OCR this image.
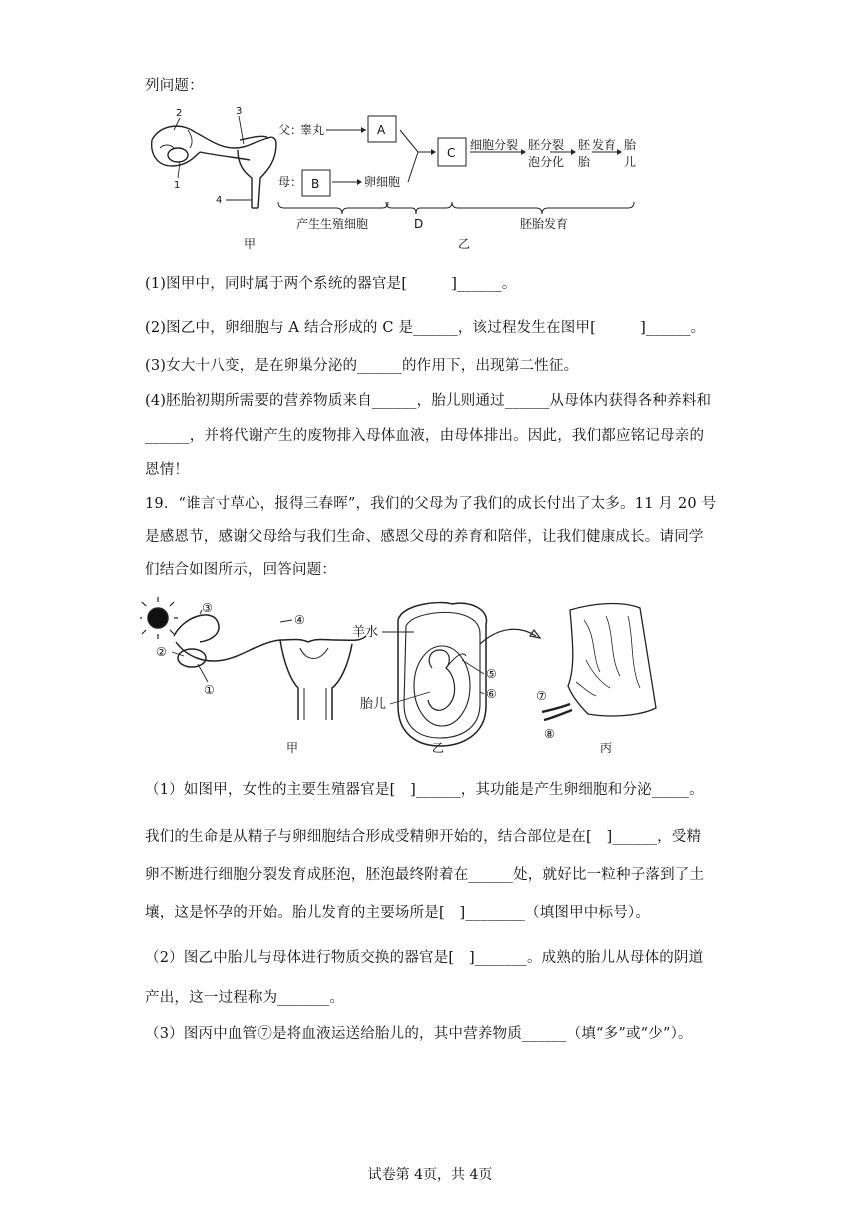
列问题：
2	3
1
4
父：
睾丸	A
母： B	卵细胞
C
细胞分裂 胚分裂
泡分化
胚
胎
发育 胎
儿
产生生殖细胞	D	胚胎发育
甲	乙
(1)图甲中，同时属于两个系统的器官是[　　　]______。
(2)图乙中，卵细胞与 A 结合形成的 C 是______，该过程发生在图甲[　　　]______。
(3)女大十八变，是在卵巢分泌的______的作用下，出现第二性征。
(4)胚胎初期所需要的营养物质来自______，胎儿则通过______从母体内获得各种养料和
______，并将代谢产生的废物排入母体血液，由母体排出。因此，我们都应铭记母亲的
恩情！
19．“谁言寸草心，报得三春晖”，我们的父母为了我们的成长付出了太多。11 月 20 号
是感恩节，感谢父母给与我们生命、感恩父母的养育和陪伴，让我们健康成长。请同学
们结合如图所示，回答问题：
③
②
①
④
甲
羊水
胎儿
⑤
⑥
乙
⑦
⑧
丙
（1）如图甲，女性的主要生殖器官是[　]______，其功能是产生卵细胞和分泌_____。
我们的生命是从精子与卵细胞结合形成受精卵开始的，结合部位是在[　]______，受精
卵不断进行细胞分裂发育成胚泡，胚泡最终附着在______处，就好比一粒种子落到了土
壤，这是怀孕的开始。胎儿发育的主要场所是[　]________（填图甲中标号）。
（2）图乙中胎儿与母体进行物质交换的器官是[　]_______。成熟的胎儿从母体的阴道
产出，这一过程称为_______。
（3）图丙中血管⑦是将血液运送给胎儿的，其中营养物质______（填“多”或“少”）。
试卷第 4页，共 4页
